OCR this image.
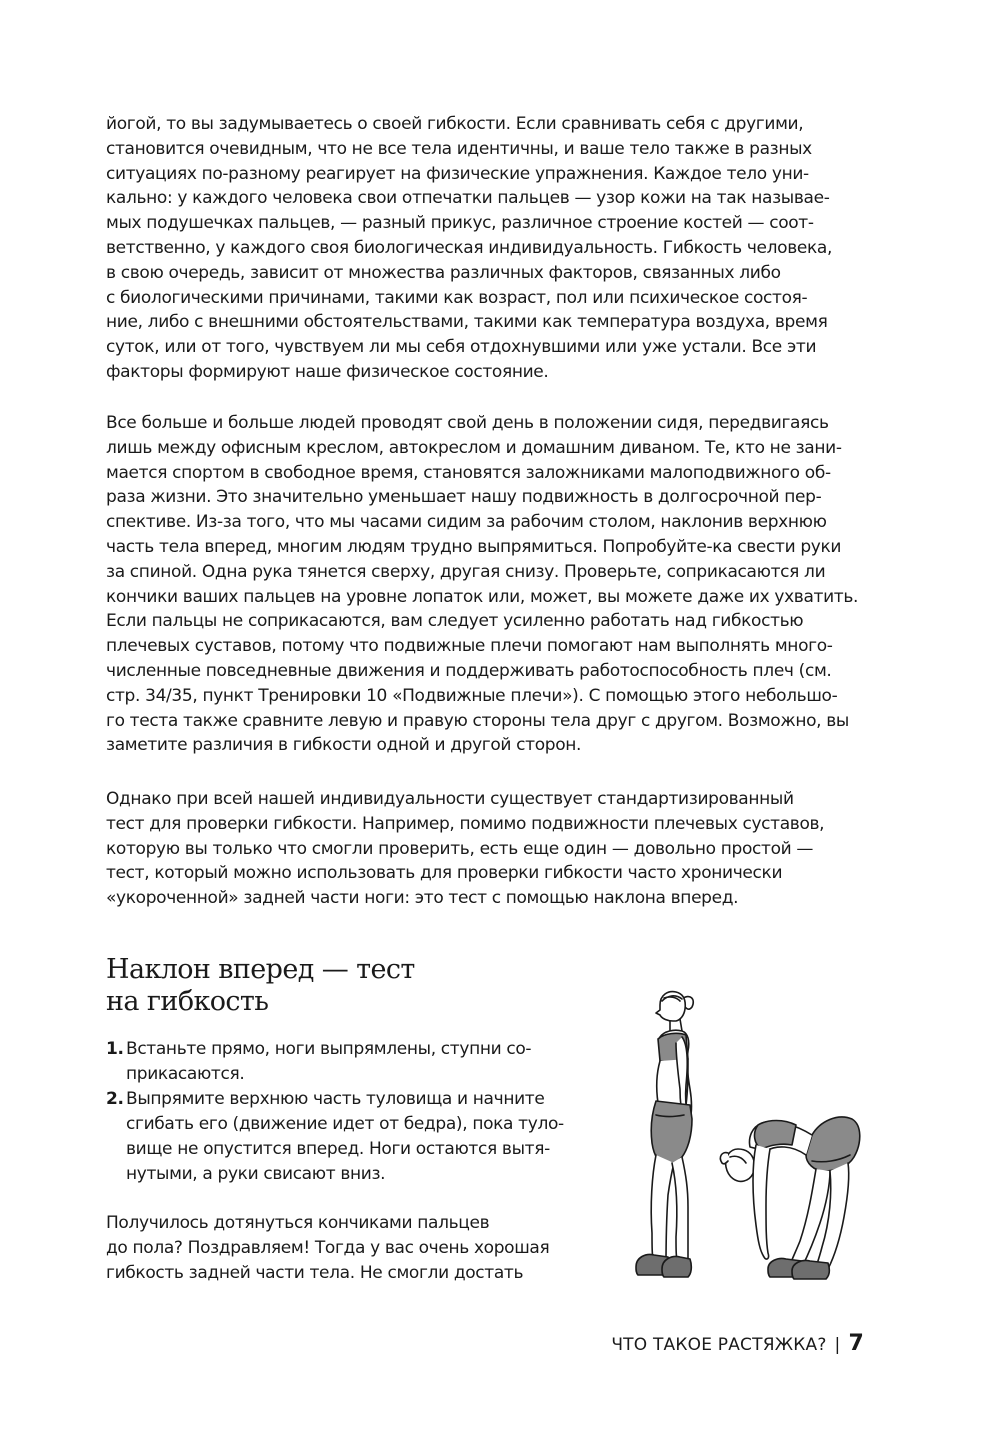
йогой, то вы задумываетесь о своей гибкости. Если сравнивать себя с другими,

становится очевидным, что не все тела идентичны, и ваше тело также в разных

ситуациях по-разному реагирует на физические упражнения. Каждое тело уни-

кально: у каждого человека свои отпечатки пальцев — узор кожи на так называе-

мых подушечках пальцев, — разный прикус, различное строение костей — соот-

ветственно, у каждого своя биологическая индивидуальность. Гибкость человека,

в свою очередь, зависит от множества различных факторов, связанных либо

с биологическими причинами, такими как возраст, пол или психическое состоя-

ние, либо с внешними обстоятельствами, такими как температура воздуха, время

суток, или от того, чувствуем ли мы себя отдохнувшими или уже устали. Все эти

факторы формируют наше физическое состояние.

Все больше и больше людей проводят свой день в положении сидя, передвигаясь

лишь между офисным креслом, автокреслом и домашним диваном. Те, кто не зани-

мается спортом в свободное время, становятся заложниками малоподвижного об-

раза жизни. Это значительно уменьшает нашу подвижность в долгосрочной пер-

спективе. Из-за того, что мы часами сидим за рабочим столом, наклонив верхнюю

часть тела вперед, многим людям трудно выпрямиться. Попробуйте-ка свести руки

за спиной. Одна рука тянется сверху, другая снизу. Проверьте, соприкасаются ли

кончики ваших пальцев на уровне лопаток или, может, вы можете даже их ухватить.

Если пальцы не соприкасаются, вам следует усиленно работать над гибкостью

плечевых суставов, потому что подвижные плечи помогают нам выполнять много-

численные повседневные движения и поддерживать работоспособность плеч (см.

стр. 34/35, пункт Тренировки 10 «Подвижные плечи»). С помощью этого небольшо-

го теста также сравните левую и правую стороны тела друг с другом. Возможно, вы

заметите различия в гибкости одной и другой сторон.

Однако при всей нашей индивидуальности существует стандартизированный

тест для проверки гибкости. Например, помимо подвижности плечевых суставов,

которую вы только что смогли проверить, есть еще один — довольно простой —

тест, который можно использовать для проверки гибкости часто хронически

«укороченной» задней части ноги: это тест с помощью наклона вперед.

Наклон вперед — тест
на гибкость
1. Встаньте прямо, ноги выпрямлены, ступни со-
прикасаются.
2. Выпрямите верхнюю часть туловища и начните
сгибать его (движение идет от бедра), пока туло-
вище не опустится вперед. Ноги остаются вытя-
нутыми, а руки свисают вниз.

Получилось дотянуться кончиками пальцев
до пола? Поздравляем! Тогда у вас очень хорошая
гибкость задней части тела. Не смогли достать

ЧТО ТАКОЕ РАСТЯЖКА? | 7
